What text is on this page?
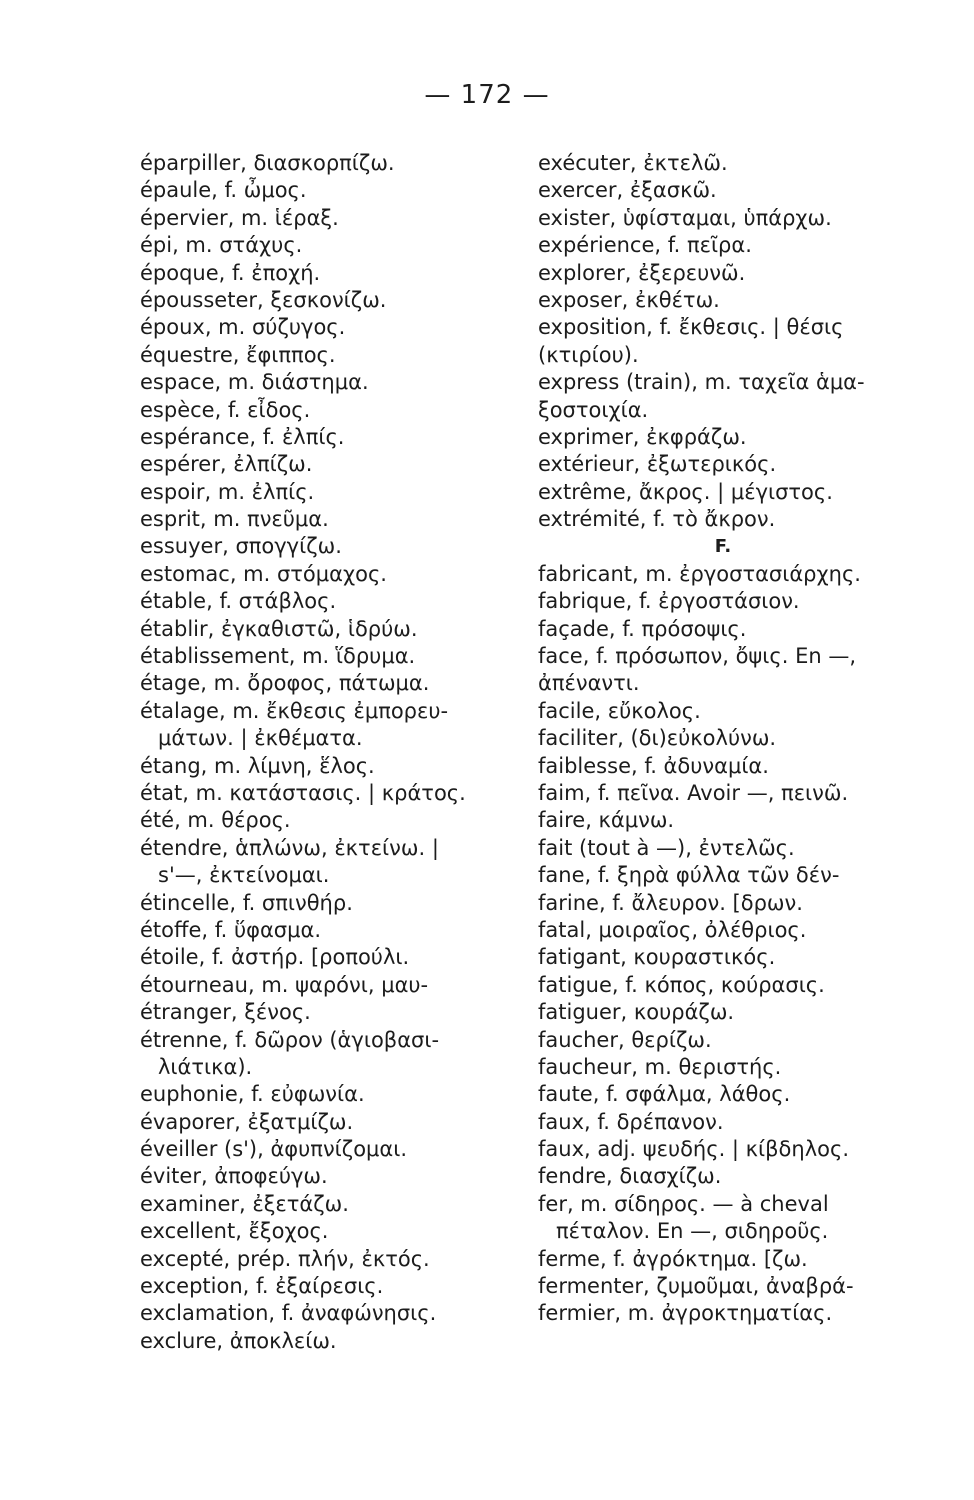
— 172 —
éparpiller, διασκορπίζω.
épaule, f. ὦμος.
épervier, m. ἱέραξ.
épi, m. στάχυς.
époque, f. ἐποχή.
épousseter, ξεσκονίζω.
époux, m. σύζυγος.
équestre, ἔφιππος.
espace, m. διάστημα.
espèce, f. εἶδος.
espérance, f. ἐλπίς.
espérer, ἐλπίζω.
espoir, m. ἐλπίς.
esprit, m. πνεῦμα.
essuyer, σπογγίζω.
estomac, m. στόμαχος.
étable, f. στάβλος.
établir, ἐγκαθιστῶ, ἱδρύω.
établissement, m. ἵδρυμα.
étage, m. ὄροφος, πάτωμα.
étalage, m. ἔκθεσις ἐμπορευ-
μάτων. | ἐκθέματα.
étang, m. λίμνη, ἕλος.
état, m. κατάστασις. | κράτος.
été, m. θέρος.
étendre, ἁπλώνω, ἐκτείνω. |
s'—, ἐκτείνομαι.
étincelle, f. σπινθήρ.
étoffe, f. ὕφασμα.
étoile, f. ἀστήρ. [ροπούλι.
étourneau, m. ψαρόνι, μαυ-
étranger, ξένος.
étrenne, f. δῶρον (ἁγιοβασι-
λιάτικα).
euphonie, f. εὐφωνία.
évaporer, ἐξατμίζω.
éveiller (s'), ἀφυπνίζομαι.
éviter, ἀποφεύγω.
examiner, ἐξετάζω.
excellent, ἔξοχος.
excepté, prép. πλήν, ἐκτός.
exception, f. ἐξαίρεσις.
exclamation, f. ἀναφώνησις.
exclure, ἀποκλείω.
exécuter, ἐκτελῶ.
exercer, ἐξασκῶ.
exister, ὑφίσταμαι, ὑπάρχω.
expérience, f. πεῖρα.
explorer, ἐξερευνῶ.
exposer, ἐκθέτω.
exposition, f. ἔκθεσις. | θέσις
(κτιρίου).
express (train), m. ταχεῖα ἁμα-
ξοστοιχία.
exprimer, ἐκφράζω.
extérieur, ἐξωτερικός.
extrême, ἄκρος. | μέγιστος.
extrémité, f. τὸ ἄκρον.
F.
fabricant, m. ἐργοστασιάρχης.
fabrique, f. ἐργοστάσιον.
façade, f. πρόσοψις.
face, f. πρόσωπον, ὄψις. En —,
ἀπέναντι.
facile, εὔκολος.
faciliter, (δι)εὐκολύνω.
faiblesse, f. ἀδυναμία.
faim, f. πεῖνα. Avoir —, πεινῶ.
faire, κάμνω.
fait (tout à —), ἐντελῶς.
fane, f. ξηρὰ φύλλα τῶν δέν-
farine, f. ἄλευρον. [δρων.
fatal, μοιραῖος, ὀλέθριος.
fatigant, κουραστικός.
fatigue, f. κόπος, κούρασις.
fatiguer, κουράζω.
faucher, θερίζω.
faucheur, m. θεριστής.
faute, f. σφάλμα, λάθος.
faux, f. δρέπανον.
faux, adj. ψευδής. | κίβδηλος.
fendre, διασχίζω.
fer, m. σίδηρος. — à cheval
πέταλον. En —, σιδηροῦς.
ferme, f. ἀγρόκτημα. [ζω.
fermenter, ζυμοῦμαι, ἀναβρά-
fermier, m. ἀγροκτηματίας.
